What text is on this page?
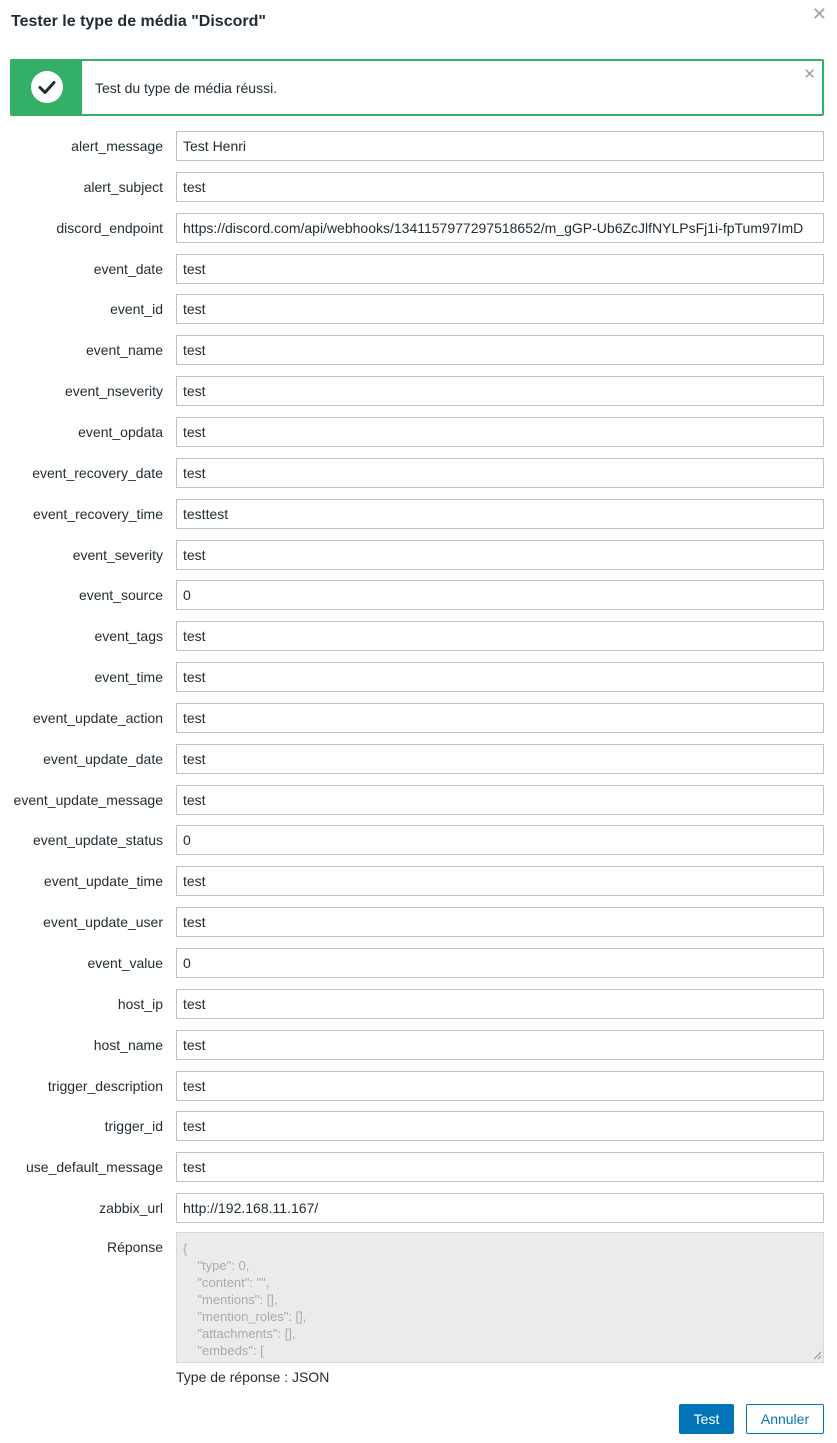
Tester le type de média "Discord"	✕
Test du type de média réussi.
✕
alert_message
Test Henri
alert_subject
test
discord_endpoint
https://discord.com/api/webhooks/1341157977297518652/m_gGP-Ub6ZcJlfNYLPsFj1i-fpTum97ImD
event_date
test
event_id
test
event_name
test
event_nseverity
test
event_opdata
test
event_recovery_date
test
event_recovery_time
testtest
event_severity
test
event_source
0
event_tags
test
event_time
test
event_update_action
test
event_update_date
test
event_update_message
test
event_update_status
0
event_update_time
test
event_update_user
test
event_value
0
host_ip
test
host_name
test
trigger_description
test
trigger_id
test
use_default_message
test
zabbix_url
http://192.168.11.167/
Réponse
{ "type": 0, "content": "", "mentions": [], "mention_roles": [], "attachments": [], "embeds": [ {
Type de réponse : JSON
Test	Annuler
